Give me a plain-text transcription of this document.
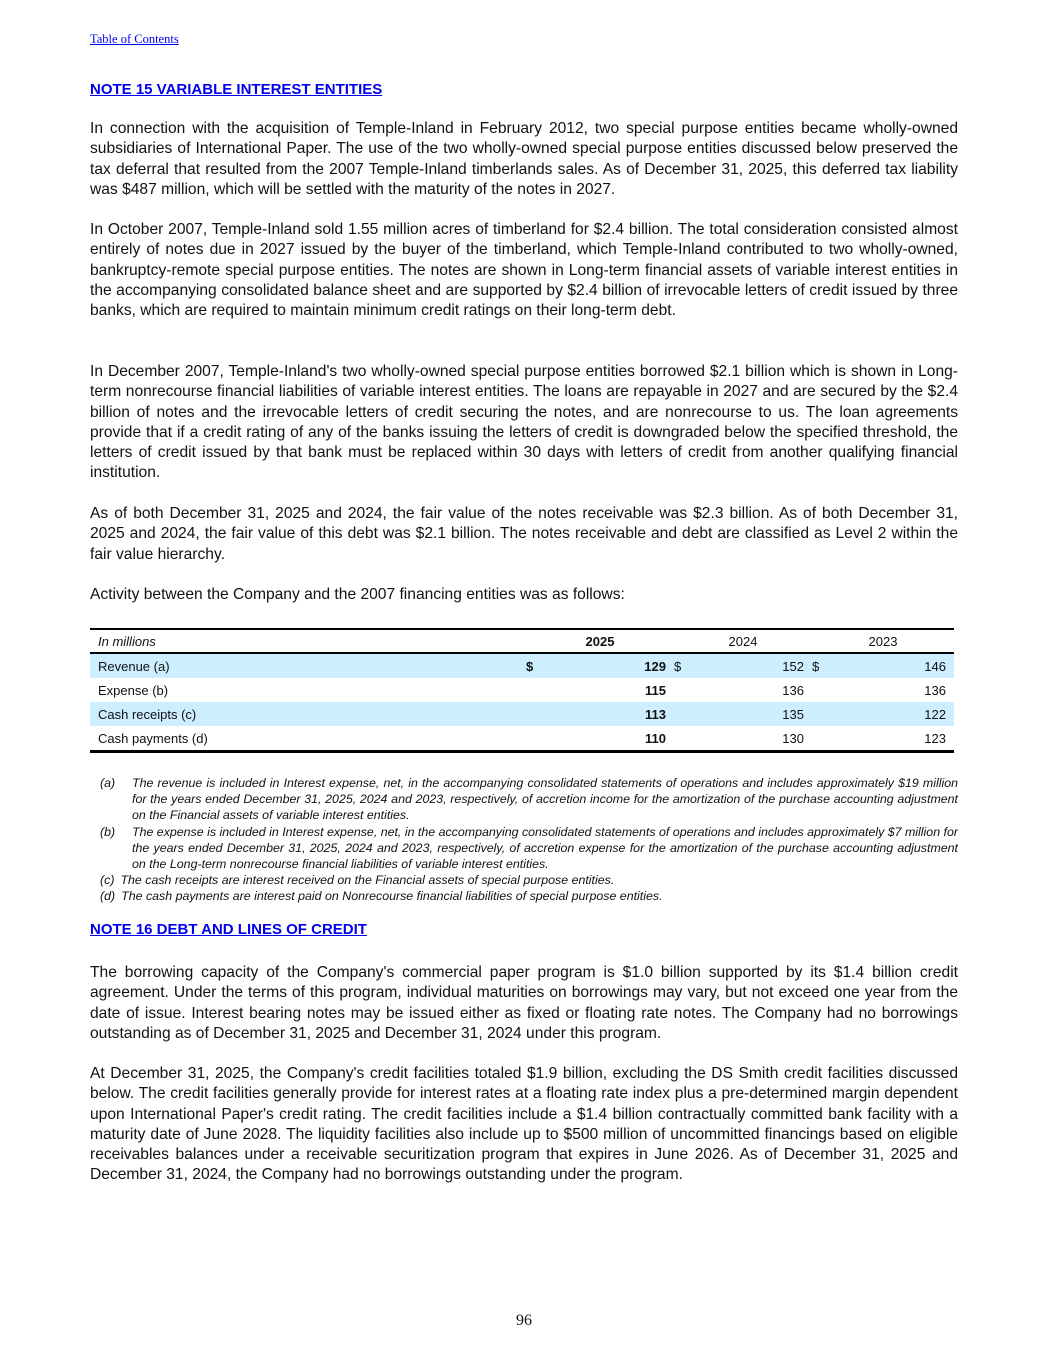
Table of Contents
NOTE 15 VARIABLE INTEREST ENTITIES

In connection with the acquisition of Temple-Inland in February 2012, two special purpose entities became wholly-owned subsidiaries of International Paper. The use of the two wholly-owned special purpose entities discussed below preserved the tax deferral that resulted from the 2007 Temple-Inland timberlands sales. As of December 31, 2025, this deferred tax liability was $487 million, which will be settled with the maturity of the notes in 2027.

In October 2007, Temple-Inland sold 1.55 million acres of timberland for $2.4 billion. The total consideration consisted almost entirely of notes due in 2027 issued by the buyer of the timberland, which Temple-Inland contributed to two wholly-owned, bankruptcy-remote special purpose entities. The notes are shown in Long-term financial assets of variable interest entities in the accompanying consolidated balance sheet and are supported by $2.4 billion of irrevocable letters of credit issued by three banks, which are required to maintain minimum credit ratings on their long-term debt.

In December 2007, Temple-Inland's two wholly-owned special purpose entities borrowed $2.1 billion which is shown in Long-term nonrecourse financial liabilities of variable interest entities. The loans are repayable in 2027 and are secured by the $2.4 billion of notes and the irrevocable letters of credit securing the notes, and are nonrecourse to us. The loan agreements provide that if a credit rating of any of the banks issuing the letters of credit is downgraded below the specified threshold, the letters of credit issued by that bank must be replaced within 30 days with letters of credit from another qualifying financial institution.

As of both December 31, 2025 and 2024, the fair value of the notes receivable was $2.3 billion. As of both December 31, 2025 and 2024, the fair value of this debt was $2.1 billion. The notes receivable and debt are classified as Level 2 within the fair value hierarchy.

Activity between the Company and the 2007 financing entities was as follows:

In millions	2025		2024		2023	
Revenue (a)	$	129	$	152	$	146
Expense (b)		115		136		136
Cash receipts (c)		113		135		122
Cash payments (d)		110		130		123
(a)	The revenue is included in Interest expense, net, in the accompanying consolidated statements of operations and includes approximately $19 million for the years ended December 31, 2025, 2024 and 2023, respectively, of accretion income for the amortization of the purchase accounting adjustment on the Financial assets of variable interest entities.
(b)	The expense is included in Interest expense, net, in the accompanying consolidated statements of operations and includes approximately $7 million for the years ended December 31, 2025, 2024 and 2023, respectively, of accretion expense for the amortization of the purchase accounting adjustment on the Long-term nonrecourse financial liabilities of variable interest entities.
(c) The cash receipts are interest received on the Financial assets of special purpose entities.
(d) The cash payments are interest paid on Nonrecourse financial liabilities of special purpose entities.
NOTE 16 DEBT AND LINES OF CREDIT

The borrowing capacity of the Company's commercial paper program is $1.0 billion supported by its $1.4 billion credit agreement. Under the terms of this program, individual maturities on borrowings may vary, but not exceed one year from the date of issue. Interest bearing notes may be issued either as fixed or floating rate notes. The Company had no borrowings outstanding as of December 31, 2025 and December 31, 2024 under this program.

At December 31, 2025, the Company's credit facilities totaled $1.9 billion, excluding the DS Smith credit facilities discussed below. The credit facilities generally provide for interest rates at a floating rate index plus a pre-determined margin dependent upon International Paper's credit rating. The credit facilities include a $1.4 billion contractually committed bank facility with a maturity date of June 2028. The liquidity facilities also include up to $500 million of uncommitted financings based on eligible receivables balances under a receivable securitization program that expires in June 2026. As of December 31, 2025 and December 31, 2024, the Company had no borrowings outstanding under the program.

96
